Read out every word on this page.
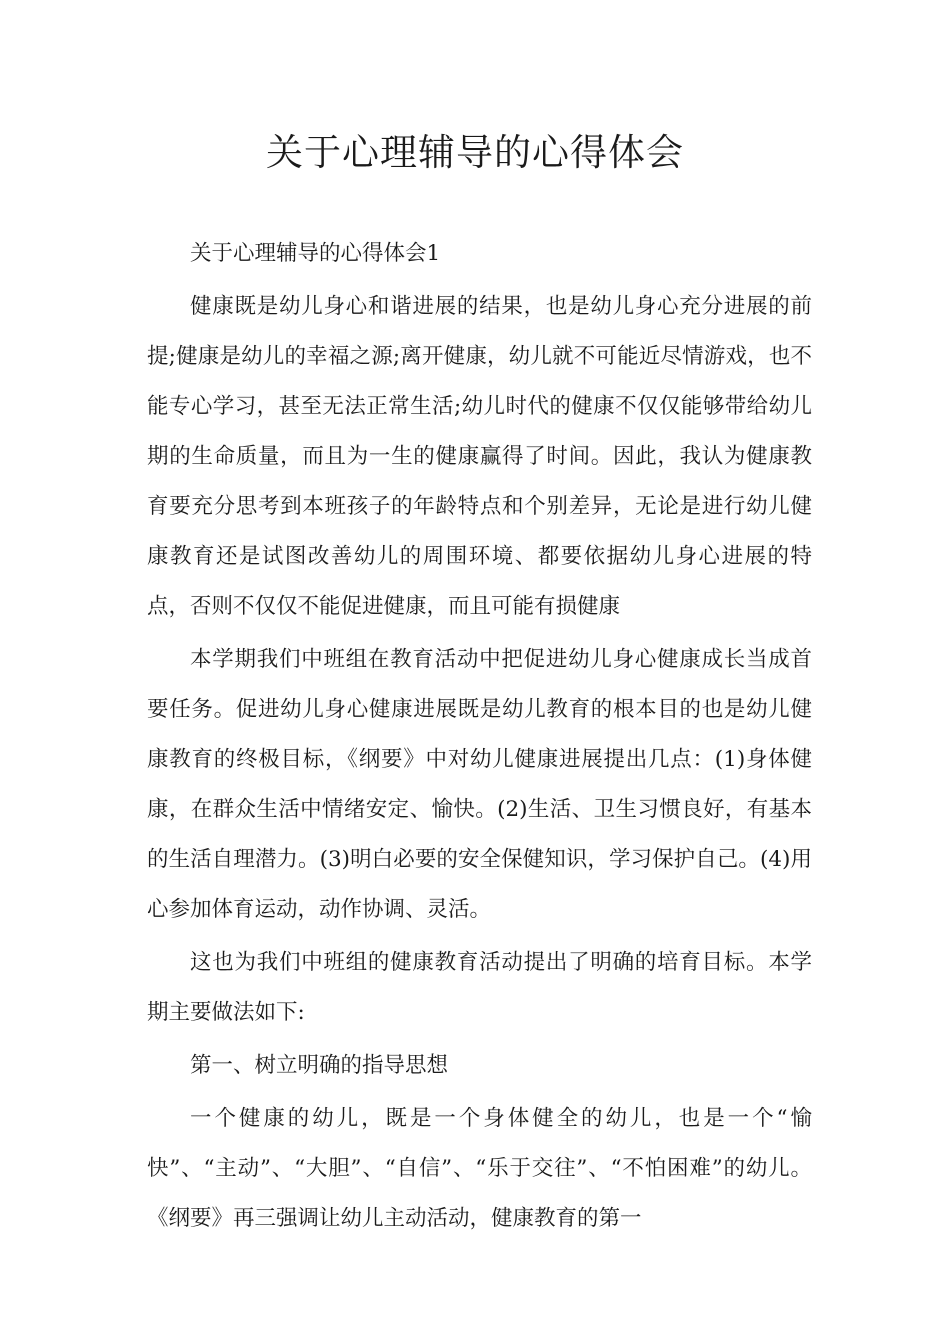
关于心理辅导的心得体会

关于心理辅导的心得体会1

健康既是幼儿身心和谐进展的结果，也是幼儿身心充分进展的前提;健康是幼儿的幸福之源;离开健康，幼儿就不可能近尽情游戏，也不能专心学习，甚至无法正常生活;幼儿时代的健康不仅仅能够带给幼儿期的生命质量，而且为一生的健康赢得了时间。因此，我认为健康教育要充分思考到本班孩子的年龄特点和个别差异，无论是进行幼儿健康教育还是试图改善幼儿的周围环境、都要依据幼儿身心进展的特点，否则不仅仅不能促进健康，而且可能有损健康

本学期我们中班组在教育活动中把促进幼儿身心健康成长当成首要任务。促进幼儿身心健康进展既是幼儿教育的根本目的也是幼儿健康教育的终极目标，《纲要》中对幼儿健康进展提出几点：(1)身体健康，在群众生活中情绪安定、愉快。(2)生活、卫生习惯良好，有基本的生活自理潜力。(3)明白必要的安全保健知识，学习保护自己。(4)用心参加体育运动，动作协调、灵活。

这也为我们中班组的健康教育活动提出了明确的培育目标。本学期主要做法如下:

第一、树立明确的指导思想

一个健康的幼儿，既是一个身体健全的幼儿，也是一个“愉快”、“主动”、“大胆”、“自信”、“乐于交往”、“不怕困难”的幼儿。《纲要》再三强调让幼儿主动活动，健康教育的第一
